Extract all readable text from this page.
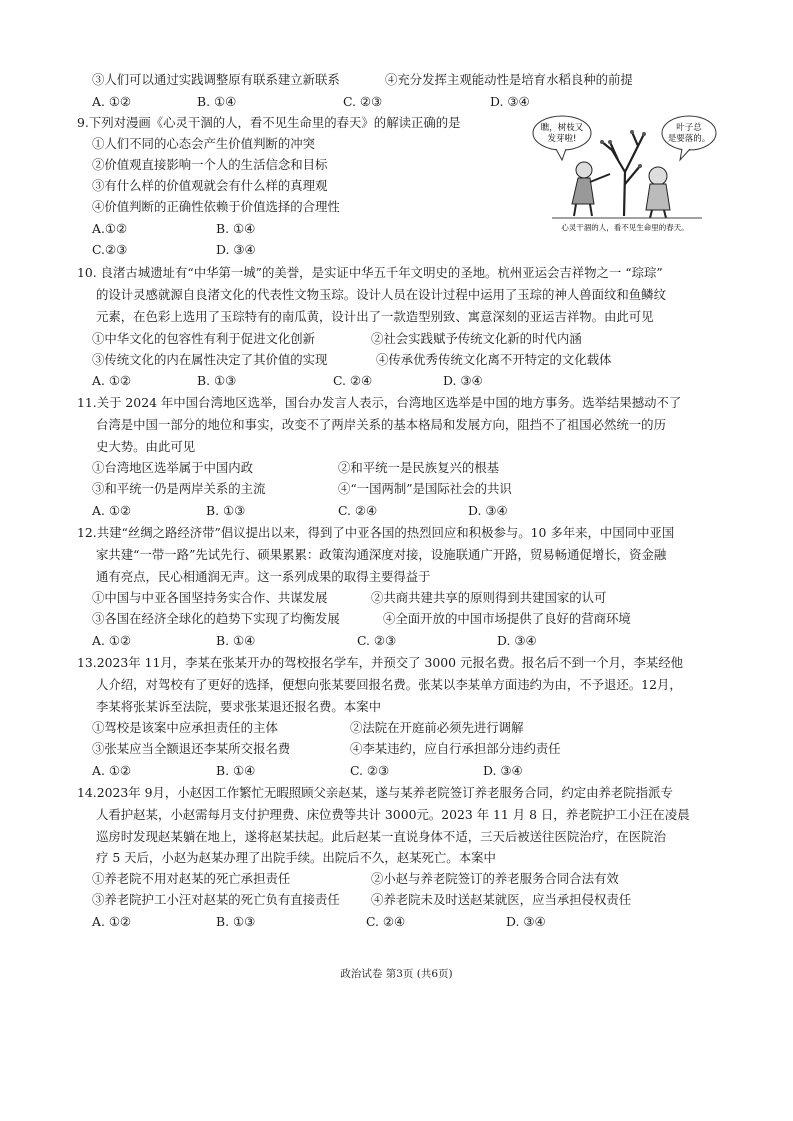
③人们可以通过实践调整原有联系建立新联系	④充分发挥主观能动性是培育水稻良种的前提
A. ①②	B. ①④	C. ②③	D. ③④
9.下列对漫画《心灵干涸的人，看不见生命里的春天》的解读正确的是
①人们不同的心态会产生价值判断的冲突
②价值观直接影响一个人的生活信念和目标
③有什么样的价值观就会有什么样的真理观
④价值判断的正确性依赖于价值选择的合理性
A.①②	B. ①④
C.②③	D. ③④
瞧，树枝又
发芽啦!
叶子总
是要落的。
心灵干涸的人，看不见生命里的春天。
10. 良渚古城遗址有“中华第一城”的美誉，是实证中华五千年文明史的圣地。杭州亚运会吉祥物之一 “琮琮”
的设计灵感就源自良渚文化的代表性文物玉琮。设计人员在设计过程中运用了玉琮的神人兽面纹和鱼鳞纹
元素，在色彩上选用了玉琮特有的南瓜黄，设计出了一款造型别致、寓意深刻的亚运吉祥物。由此可见
①中华文化的包容性有利于促进文化创新	②社会实践赋予传统文化新的时代内涵
③传统文化的内在属性决定了其价值的实现	④传承优秀传统文化离不开特定的文化载体
A. ①②	B. ①③	C. ②④	D. ③④
11.关于 2024 年中国台湾地区选举，国台办发言人表示，台湾地区选举是中国的地方事务。选举结果撼动不了
台湾是中国一部分的地位和事实，改变不了两岸关系的基本格局和发展方向，阻挡不了祖国必然统一的历
史大势。由此可见
①台湾地区选举属于中国内政	②和平统一是民族复兴的根基
③和平统一仍是两岸关系的主流	④“一国两制”是国际社会的共识
A. ①②	B. ①③	C. ②④	D. ③④
12.共建“丝绸之路经济带”倡议提出以来，得到了中亚各国的热烈回应和积极参与。10 多年来，中国同中亚国
家共建“一带一路”先试先行、硕果累累：政策沟通深度对接，设施联通广开路，贸易畅通促增长，资金融
通有亮点，民心相通润无声。这一系列成果的取得主要得益于
①中国与中亚各国坚持务实合作、共谋发展	②共商共建共享的原则得到共建国家的认可
③各国在经济全球化的趋势下实现了均衡发展	④全面开放的中国市场提供了良好的营商环境
A. ①②	B. ①④	C. ②③	D. ③④
13.2023年 11月，李某在张某开办的驾校报名学车，并预交了 3000 元报名费。报名后不到一个月，李某经他
人介绍，对驾校有了更好的选择，便想向张某要回报名费。张某以李某单方面违约为由，不予退还。12月，
李某将张某诉至法院，要求张某退还报名费。本案中
①驾校是该案中应承担责任的主体	②法院在开庭前必须先进行调解
③张某应当全额退还李某所交报名费	④李某违约，应自行承担部分违约责任
A. ①②	B. ①④	C. ②③	D. ③④
14.2023年 9月，小赵因工作繁忙无暇照顾父亲赵某，遂与某养老院签订养老服务合同，约定由养老院指派专
人看护赵某，小赵需每月支付护理费、床位费等共计 3000元。2023 年 11 月 8 日，养老院护工小汪在凌晨
巡房时发现赵某躺在地上，遂将赵某扶起。此后赵某一直说身体不适，三天后被送往医院治疗，在医院治
疗 5 天后，小赵为赵某办理了出院手续。出院后不久，赵某死亡。本案中
①养老院不用对赵某的死亡承担责任	②小赵与养老院签订的养老服务合同合法有效
③养老院护工小汪对赵某的死亡负有直接责任	④养老院未及时送赵某就医，应当承担侵权责任
A. ①②	B. ①③	C. ②④	D. ③④
政治试卷 第3页 (共6页)
